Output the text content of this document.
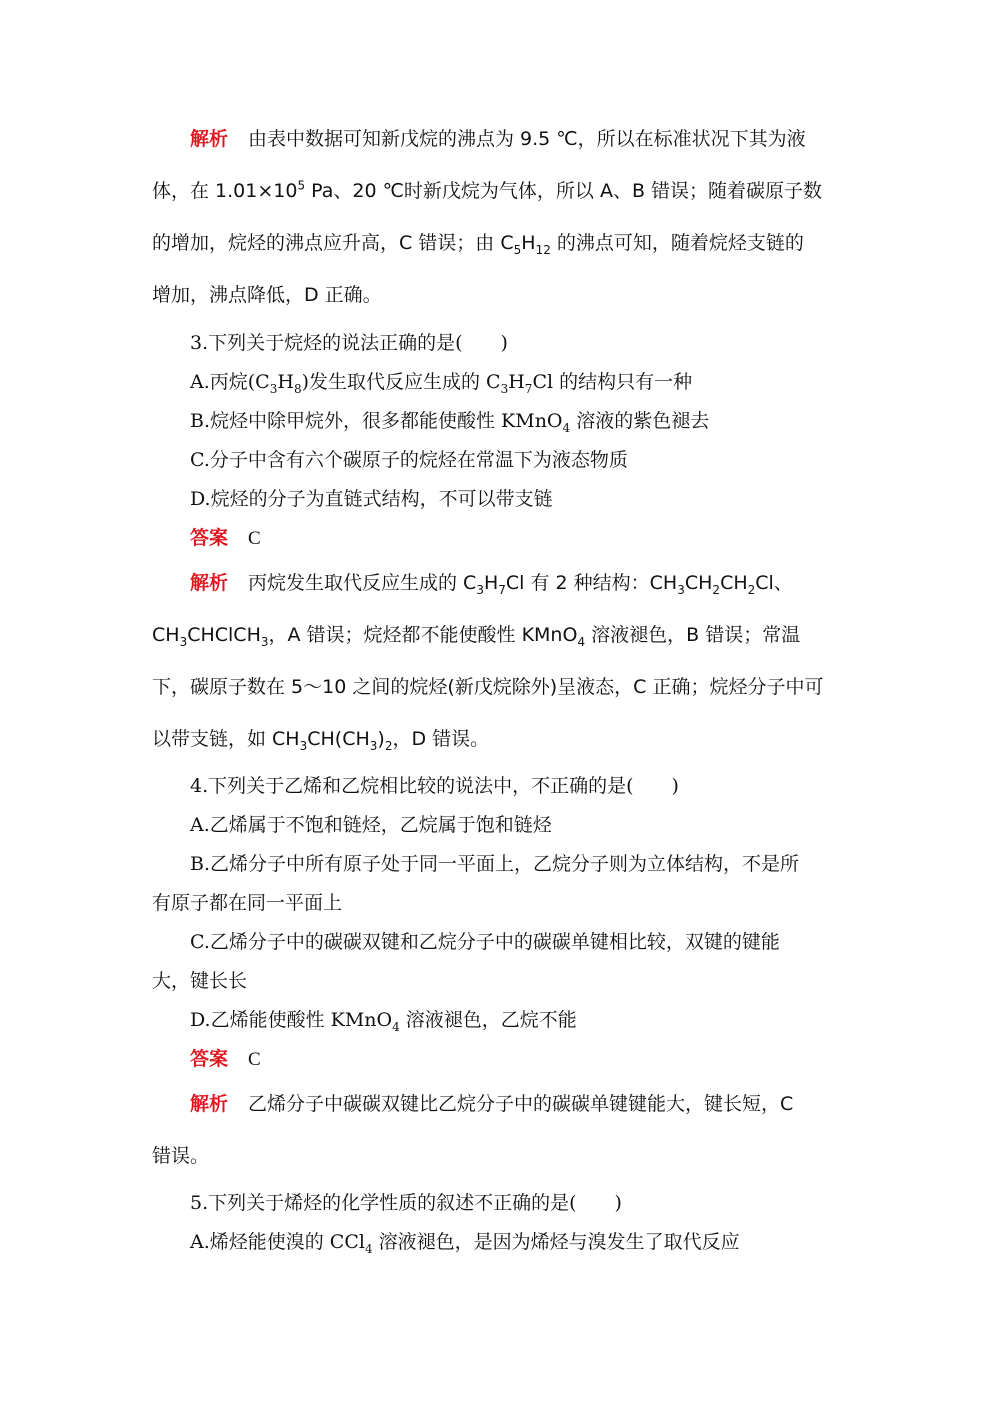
解析 由表中数据可知新戊烷的沸点为 9.5 ℃，所以在标准状况下其为液
体，在 $1.01\times 10^5$ Pa、20 ℃时新戊烷为气体，所以 A、B 错误；随着碳原子数
的增加，烷烃的沸点应升高，C 错误；由 $C_5H_{12}$ 的沸点可知，随着烷烃支链的
增加，沸点降低，D 正确。
3.下列关于烷烃的说法正确的是(　　)
A.丙烷$(C_3H_8)$发生取代反应生成的 $C_3H_7Cl$ 的结构只有一种
B.烷烃中除甲烷外，很多都能使酸性 KMnO$_4$ 溶液的紫色褪去
C.分子中含有六个碳原子的烷烃在常温下为液态物质
D.烷烃的分子为直链式结构，不可以带支链
答案 C
解析 丙烷发生取代反应生成的 $C_3H_7Cl$ 有 2 种结构：$CH_3CH_2CH_2Cl$、
$CH_3CHClCH_3$，A 错误；烷烃都不能使酸性 KMnO$_4$ 溶液褪色，B 错误；常温
下，碳原子数在 5～10 之间的烷烃(新戊烷除外)呈液态，C 正确；烷烃分子中可
以带支链，如 $CH_3CH(CH_3)_2$，D 错误。
4.下列关于乙烯和乙烷相比较的说法中，不正确的是(　　)
A.乙烯属于不饱和链烃，乙烷属于饱和链烃
B.乙烯分子中所有原子处于同一平面上，乙烷分子则为立体结构，不是所
有原子都在同一平面上
C.乙烯分子中的碳碳双键和乙烷分子中的碳碳单键相比较，双键的键能
大，键长长
D.乙烯能使酸性 KMnO$_4$ 溶液褪色，乙烷不能
答案 C
解析 乙烯分子中碳碳双键比乙烷分子中的碳碳单键键能大，键长短，C
错误。
5.下列关于烯烃的化学性质的叙述不正确的是(　　)
A.烯烃能使溴的 CCl$_4$ 溶液褪色，是因为烯烃与溴发生了取代反应
